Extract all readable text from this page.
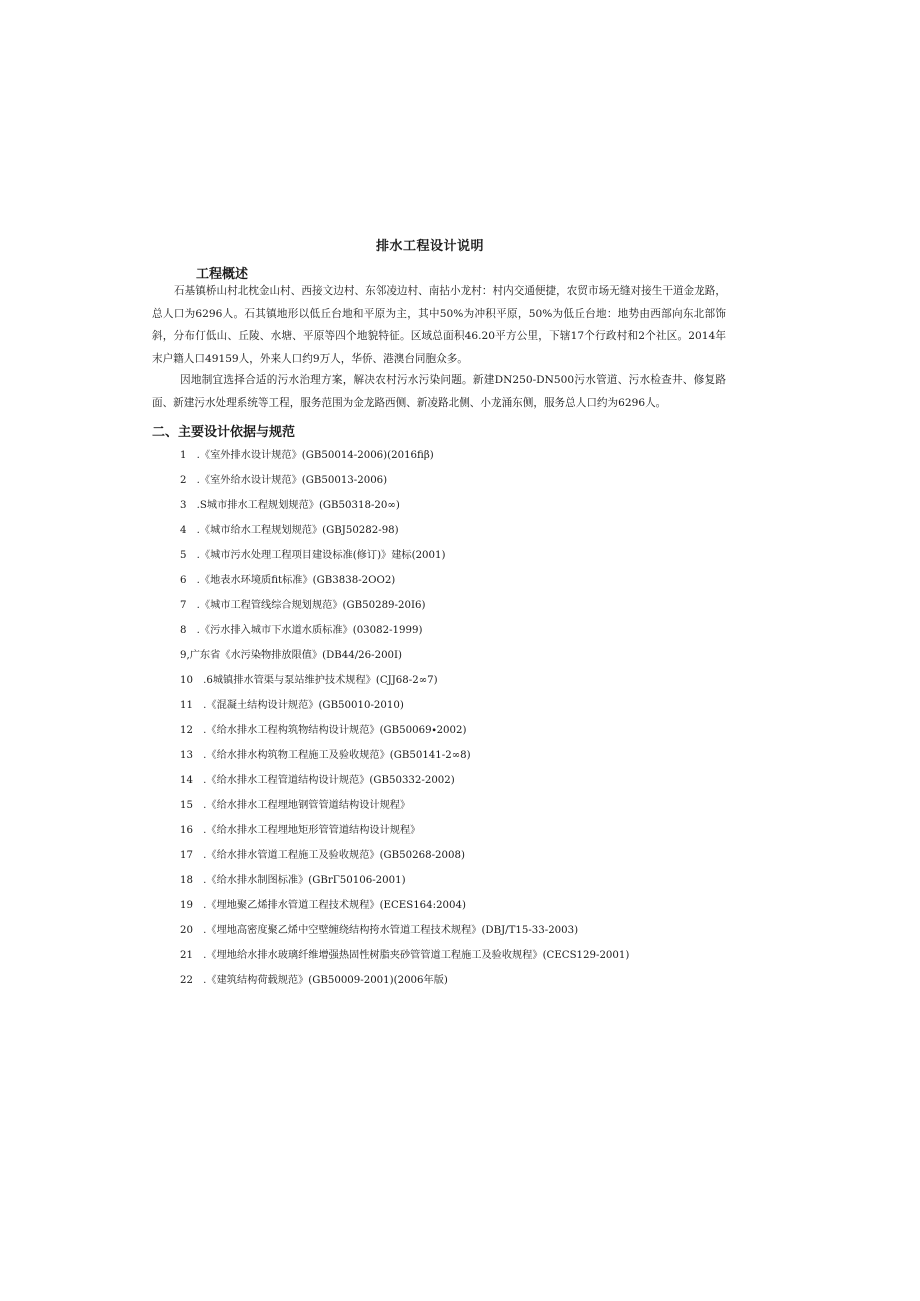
排水工程设计说明
工程概述

石基镇桥山村北枕金山村、西接文边村、东邻凌边村、南拈小龙村：村内交通便捷，农贸市场无缝对接生干道金龙路，总人口为6296人。石其镇地形以低丘台地和平原为主，其中50%为冲积平原，50%为低丘台地：地势由西部向东北部饰斜，分布仃低山、丘陵、水塘、平原等四个地貌特征。区域总面积46.20平方公里，下辖17个行政村和2个社区。2014年末户籍人口49159人，外来人口约9万人，华侨、港澳台同胞众多。

因地制宜选择合适的污水治理方案，解决农村污水污染问题。新建DN250-DN500污水管道、污水检查井、修复路面、新建污水处理系统等工程，服务范围为金龙路西侧、新凌路北侧、小龙涌东侧，服务总人口约为6296人。

二、主要设计依据与规范
1　.《室外排水设计规范》(GB50014-2006)(2016fiβ)
2　.《室外给水设计规范》(GB50013-2006)
3　.S城市排水工程规划规范》(GB50318-20∞)
4　.《城市给水工程规划规范》(GBJ50282-98)
5　.《城市污水处理工程项目建设标准(修订)》建标(2001)
6　.《地表水环境质fit标准》(GB3838-2OO2)
7　.《城市工程管线综合规划规范》(GB50289-20I6)
8　.《污水排入城市下水道水质标准》(03082-1999)
9,广东省《水污染物排放限值》(DB44/26-200I)
10　.6城镇排水管渠与泵站维护技术规程》(CJJ68-2∞7)
11　.《混凝土结构设计规范》(GB50010-2010)
12　.《给水排水工程构筑物结构设计规范》(GB50069∙2002)
13　.《给水排水构筑物工程施工及验收规范》(GB50141-2∞8)
14　.《给水排水工程管道结构设计规范》(GB50332-2002)
15　.《给水排水工程埋地钢管管道结构设计规程》
16　.《给水排水工程埋地矩形管管道结构设计规程》
17　.《给水排水管道工程施工及验收规范》(GB50268-2008)
18　.《给水排水制图标准》(GBrΓ50106-2001)
19　.《埋地聚乙烯排水管道工程技术规程》(ECES164:2004)
20　.《埋地高密度聚乙烯中空壁缠绕结构挎水管道工程技术规程》(DBJ/T15-33-2003)
21　.《埋地给水排水玻璃纤维增强热固性树脂夹砂管管道工程施工及验收规程》(CECS129-2001)
22　.《建筑结构荷载规范》(GB50009-2001)(2006年版)
